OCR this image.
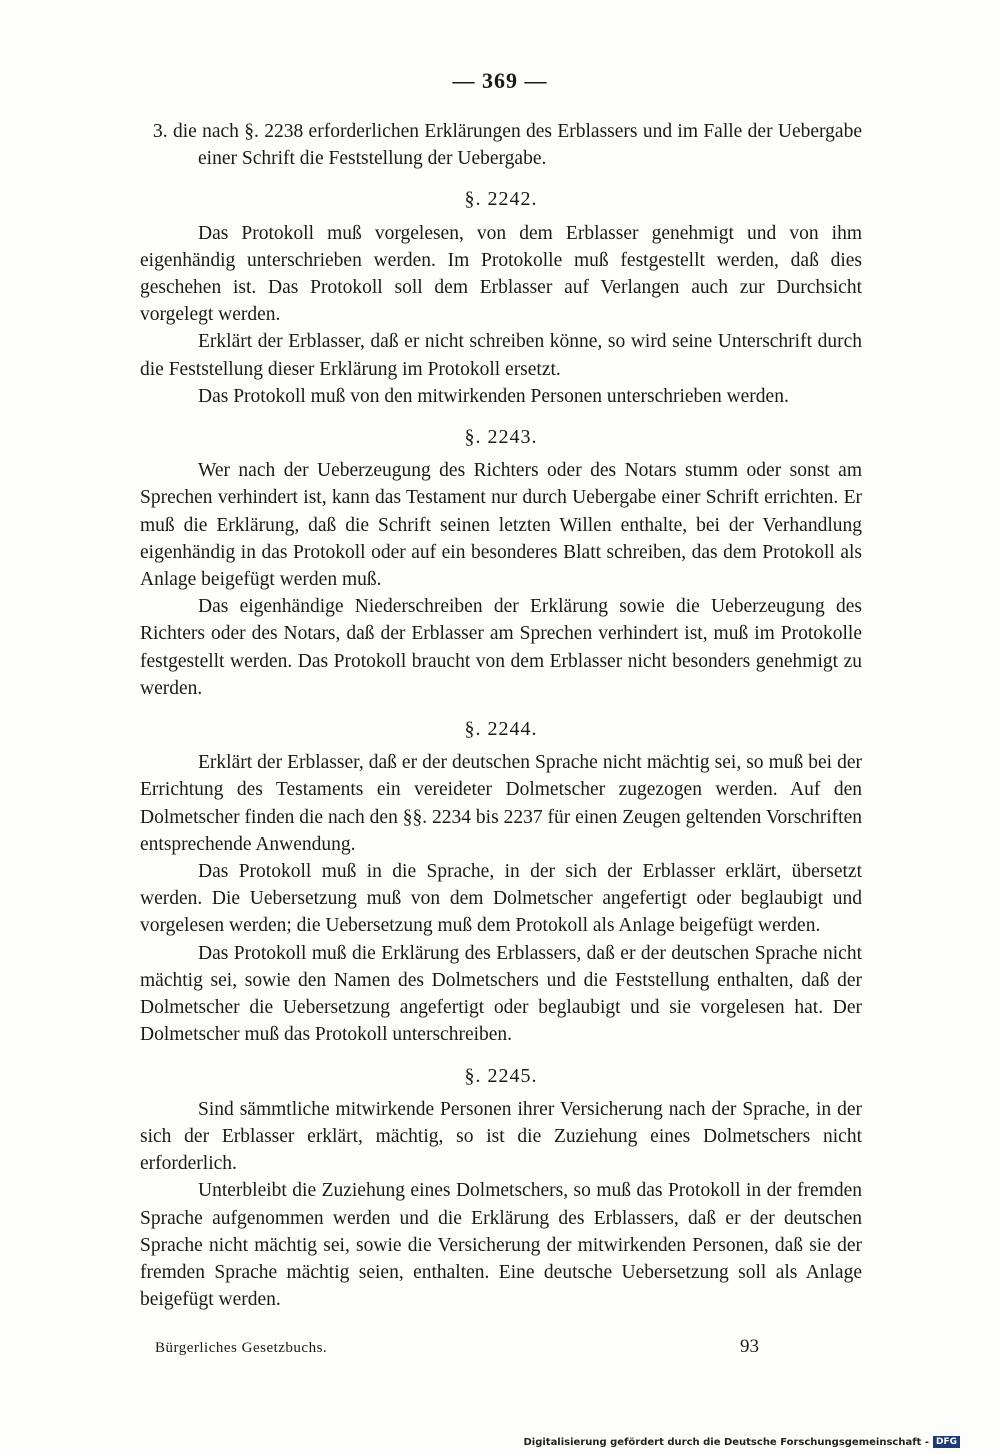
— 369 —

3. die nach §. 2238 erforderlichen Erklärungen des Erblassers und im Falle der Uebergabe einer Schrift die Feststellung der Uebergabe.

§. 2242.

Das Protokoll muß vorgelesen, von dem Erblasser genehmigt und von ihm eigenhändig unterschrieben werden. Im Protokolle muß festgestellt werden, daß dies geschehen ist. Das Protokoll soll dem Erblasser auf Verlangen auch zur Durchsicht vorgelegt werden.

Erklärt der Erblasser, daß er nicht schreiben könne, so wird seine Unterschrift durch die Feststellung dieser Erklärung im Protokoll ersetzt.

Das Protokoll muß von den mitwirkenden Personen unterschrieben werden.

§. 2243.

Wer nach der Ueberzeugung des Richters oder des Notars stumm oder sonst am Sprechen verhindert ist, kann das Testament nur durch Uebergabe einer Schrift errichten. Er muß die Erklärung, daß die Schrift seinen letzten Willen enthalte, bei der Verhandlung eigenhändig in das Protokoll oder auf ein besonderes Blatt schreiben, das dem Protokoll als Anlage beigefügt werden muß.

Das eigenhändige Niederschreiben der Erklärung sowie die Ueberzeugung des Richters oder des Notars, daß der Erblasser am Sprechen verhindert ist, muß im Protokolle festgestellt werden. Das Protokoll braucht von dem Erblasser nicht besonders genehmigt zu werden.

§. 2244.

Erklärt der Erblasser, daß er der deutschen Sprache nicht mächtig sei, so muß bei der Errichtung des Testaments ein vereideter Dolmetscher zugezogen werden. Auf den Dolmetscher finden die nach den §§. 2234 bis 2237 für einen Zeugen geltenden Vorschriften entsprechende Anwendung.

Das Protokoll muß in die Sprache, in der sich der Erblasser erklärt, übersetzt werden. Die Uebersetzung muß von dem Dolmetscher angefertigt oder beglaubigt und vorgelesen werden; die Uebersetzung muß dem Protokoll als Anlage beigefügt werden.

Das Protokoll muß die Erklärung des Erblassers, daß er der deutschen Sprache nicht mächtig sei, sowie den Namen des Dolmetschers und die Feststellung enthalten, daß der Dolmetscher die Uebersetzung angefertigt oder beglaubigt und sie vorgelesen hat. Der Dolmetscher muß das Protokoll unterschreiben.

§. 2245.

Sind sämmtliche mitwirkende Personen ihrer Versicherung nach der Sprache, in der sich der Erblasser erklärt, mächtig, so ist die Zuziehung eines Dolmetschers nicht erforderlich.

Unterbleibt die Zuziehung eines Dolmetschers, so muß das Protokoll in der fremden Sprache aufgenommen werden und die Erklärung des Erblassers, daß er der deutschen Sprache nicht mächtig sei, sowie die Versicherung der mitwirkenden Personen, daß sie der fremden Sprache mächtig seien, enthalten. Eine deutsche Uebersetzung soll als Anlage beigefügt werden.

Bürgerliches Gesetzbuchs.	93
Digitalisierung gefördert durch die Deutsche Forschungsgemeinschaft - DFG
